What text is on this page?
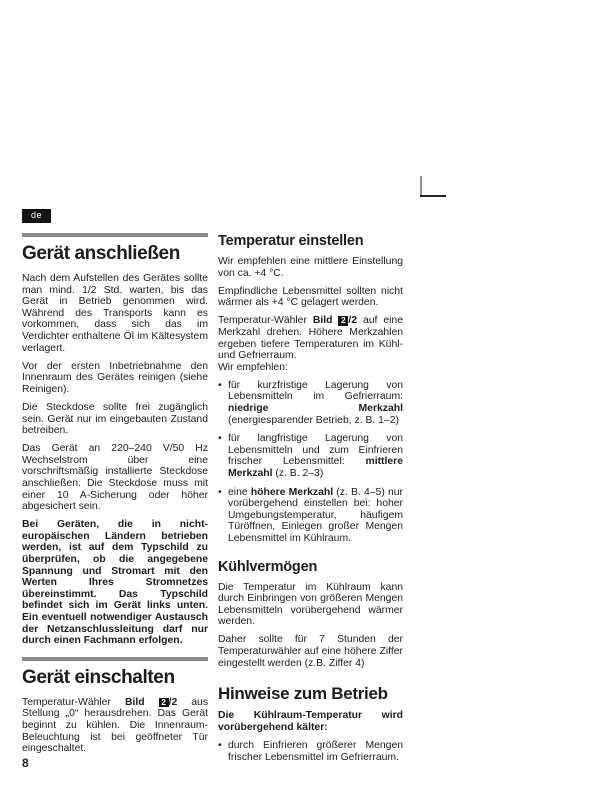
de
Gerät anschließen

Nach dem Aufstellen des Gerätes sollte man mind. 1/2 Std. warten, bis das Gerät in Betrieb genommen wird. Während des Transports kann es vorkommen, dass sich das im Verdichter enthaltene Öl im Kältesystem verlagert.

Vor der ersten Inbetriebnahme den Innenraum des Gerätes reinigen (siehe Reinigen).

Die Steckdose sollte frei zugänglich sein. Gerät nur im eingebauten Zustand betreiben.

Das Gerät an 220–240 V/50 Hz Wechselstrom über eine vorschriftsmäßig installierte Steckdose anschließen. Die Steckdose muss mit einer 10 A-Sicherung oder höher abgesichert sein.

Bei Geräten, die in nicht-europäischen Ländern betrieben werden, ist auf dem Typschild zu überprüfen, ob die angegebene Spannung und Stromart mit den Werten Ihres Stromnetzes übereinstimmt. Das Typschild befindet sich im Gerät links unten. Ein eventuell notwendiger Austausch der Netzanschlussleitung darf nur durch einen Fachmann erfolgen.

Gerät einschalten

Temperatur-Wähler Bild 2 /2 aus Stellung „0“ herausdrehen. Das Gerät beginnt zu kühlen. Die Innenraum-Beleuchtung ist bei geöffneter Tür eingeschaltet.

Temperatur einstellen

Wir empfehlen eine mittlere Einstellung von ca. +4 °C.

Empfindliche Lebensmittel sollten nicht wärmer als +4 °C gelagert werden.

Temperatur-Wähler Bild 2 /2 auf eine Merkzahl drehen. Höhere Merkzahlen ergeben tiefere Temperaturen im Kühl- und Gefrierraum.

Wir empfehlen:

• für kurzfristige Lagerung von Lebensmitteln im Gefrierraum: niedrige Merkzahl (energiesparender Betrieb, z. B. 1–2)
• für langfristige Lagerung von Lebensmitteln und zum Einfrieren frischer Lebensmittel: mittlere Merkzahl (z. B. 2–3)
• eine höhere Merkzahl (z. B. 4–5) nur vorübergehend einstellen bei: hoher Umgebungstemperatur, häufigem Türöffnen, Einlegen großer Mengen Lebensmittel im Kühlraum.
Kühlvermögen

Die Temperatur im Kühlraum kann durch Einbringen von größeren Mengen Lebensmitteln vorübergehend wärmer werden.

Daher sollte für 7 Stunden der Temperaturwähler auf eine höhere Ziffer eingestellt werden (z.B. Ziffer 4)

Hinweise zum Betrieb

Die Kühlraum-Temperatur wird vorübergehend kälter:

• durch Einfrieren größerer Mengen frischer Lebensmittel im Gefrierraum.
8
